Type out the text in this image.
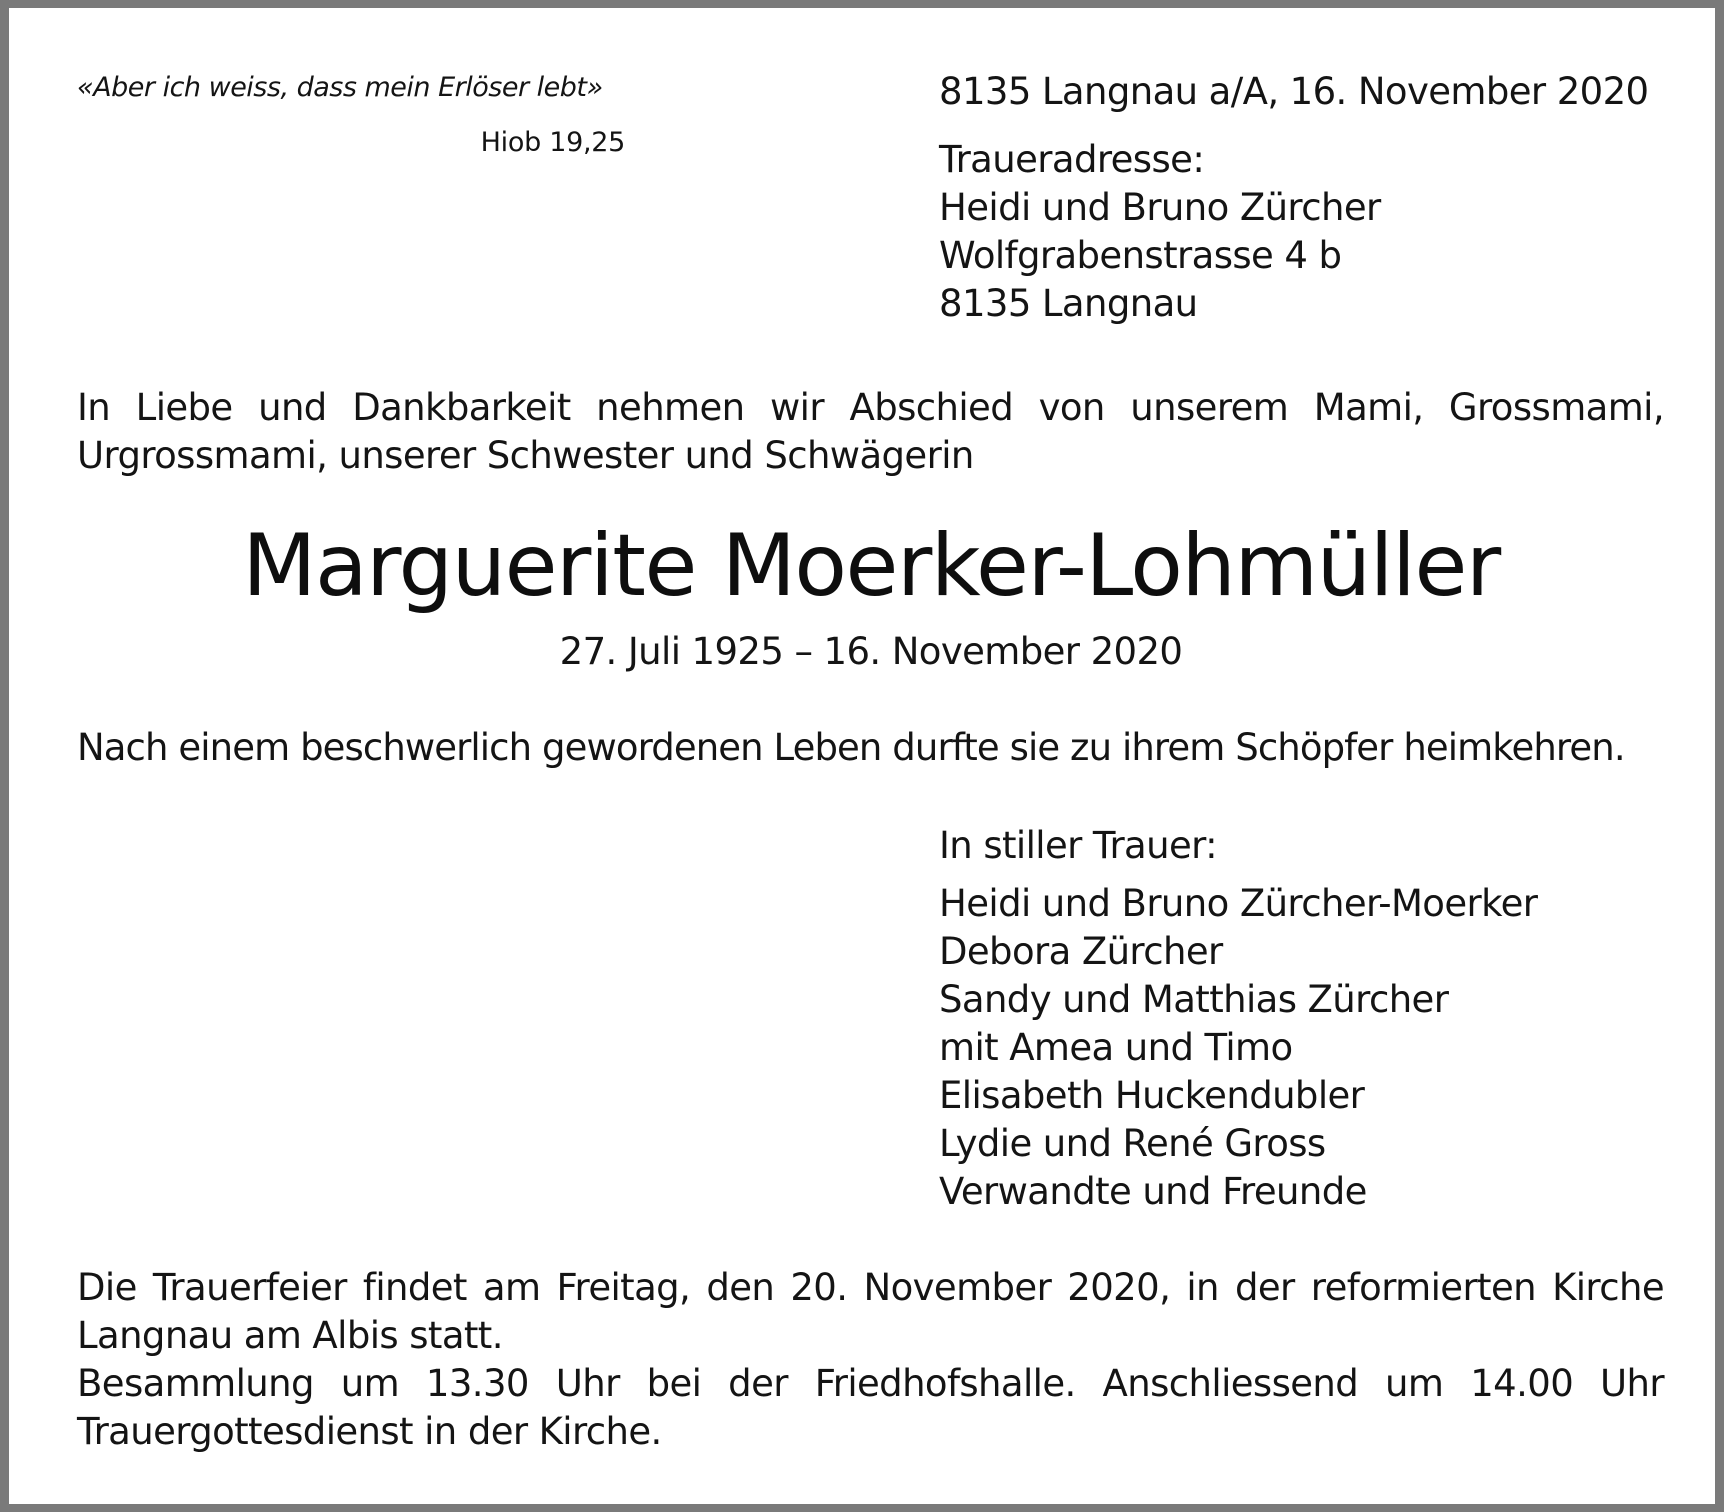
«Aber ich weiss, dass mein Erlöser lebt»
Hiob 19,25
8135 Langnau a/A, 16. November 2020
Traueradresse:
Heidi und Bruno Zürcher
Wolfgrabenstrasse 4 b
8135 Langnau
In Liebe und Dankbarkeit nehmen wir Abschied von unserem Mami, Grossmami, Urgrossmami, unserer Schwester und Schwägerin
Marguerite Moerker-Lohmüller
27. Juli 1925 – 16. November 2020
Nach einem beschwerlich gewordenen Leben durfte sie zu ihrem Schöpfer heimkehren.
In stiller Trauer:
Heidi und Bruno Zürcher-Moerker
Debora Zürcher
Sandy und Matthias Zürcher
mit Amea und Timo
Elisabeth Huckendubler
Lydie und René Gross
Verwandte und Freunde

Die Trauerfeier findet am Freitag, den 20. November 2020, in der reformierten Kirche Langnau am Albis statt.

Besammlung um 13.30 Uhr bei der Friedhofshalle. Anschliessend um 14.00 Uhr Trauergottesdienst in der Kirche.
